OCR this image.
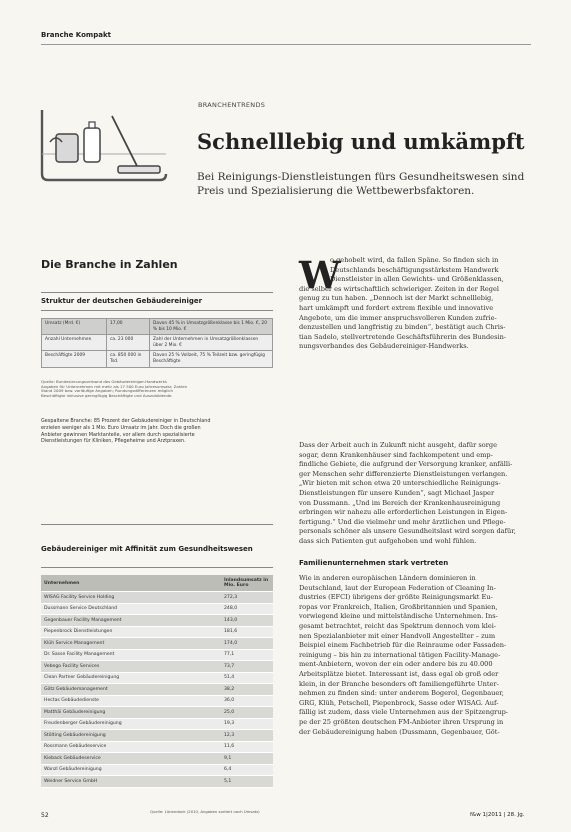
Branche Kompakt
BRANCHENTRENDS
Schnelllebig und umkämpft
Bei Reinigungs-Dienstleistungen fürs Gesundheitswesen sind
Preis und Spezialisierung die Wettbewerbsfaktoren.
Die Branche in Zahlen
Struktur der deutschen Gebäudereiniger
Umsatz (Mrd. €)	17,00	Davon 45 % in Umsatzgrößenklasse bis 1 Mio. €, 20 % bis 10 Mio. €
Anzahl Unternehmen	ca. 23 000	Zahl der Unternehmen in Umsatzgrößenklassen über 2 Mio. €
Beschäftigte 2009	ca. 850 000 in Tsd.	Davon 25 % Vollzeit, 75 % Teilzeit bzw. geringfügig Beschäftigte
Quelle: Bundesinnungsverband des Gebäudereiniger-Handwerks
Angaben für Unternehmen mit mehr als 17 500 Euro Jahresumsatz; Zahlen
Stand 2009 bzw. vorläufige Angaben; Rundungsdifferenzen möglich
Beschäftigte inklusive geringfügig Beschäftigte und Auszubildende.
Gespaltene Branche: 85 Prozent der Gebäudereiniger in Deutschland
erzielen weniger als 1 Mio. Euro Umsatz im Jahr. Doch die großen
Anbieter gewinnen Marktanteile, vor allem durch spezialisierte
Dienstleistungen für Kliniken, Pflegeheime und Arztpraxen.
Gebäudereiniger mit Affinität zum Gesundheitswesen
Unternehmen	Inlandsumsatz in Mio. Euro
WISAG Facility Service Holding	272,3
Dussmann Service Deutschland	248,0
Gegenbauer Facility Management	143,0
Piepenbrock Dienstleistungen	181,6
Klüh Service Management	174,0
Dr. Sasse Facility Management	77,1
Vebego Facility Services	73,7
Clean Partner Gebäudereinigung	51,4
Götz Gebäudemanagement	38,2
Hectas Gebäudedienste	36,0
Matthäi Gebäudereinigung	25,0
Freudenberger Gebäudereinigung	19,3
Stölting Gebäudereinigung	12,3
Rossmann Gebäudeservice	11,6
Kieback Gebäudeservice	9,1
Wanzl Gebäudereinigung	6,4
Weidner Service GmbH	5,1
Quelle: Lünendonk (2010, Angaben sortiert nach Umsatz)
W
o gehobelt wird, da fallen Späne. So finden sich in
Deutschlands beschäftigungsstärkstem Handwerk
Dienstleister in allen Gewichts- und Größenklassen,
die selber es wirtschaftlich schwieriger. Zeiten in der Regel
genug zu tun haben. „Dennoch ist der Markt schnelllebig,
hart umkämpft und fordert extrem flexible und innovative
Angebote, um die immer anspruchsvolleren Kunden zufrie-
denzustellen und langfristig zu binden“, bestätigt auch Chris-
tian Sadelo, stellvertretende Geschäftsführerin des Bundesin-
nungsverbandes des Gebäudereiniger-Handwerks.
Dass der Arbeit auch in Zukunft nicht ausgeht, dafür sorge
sogar, denn Krankenhäuser sind fachkompetent und emp-
findliche Gebiete, die aufgrund der Versorgung kranker, anfälli-
ger Menschen sehr differenzierte Dienstleistungen verlangen.
„Wir bieten mit schon etwa 20 unterschiedliche Reinigungs-
Dienstleistungen für unsere Kunden“, sagt Michael Jasper
von Dussmann. „Und im Bereich der Krankenhausreinigung
erbringen wir nahezu alle erforderlichen Leistungen in Eigen-
fertigung.“ Und die vielmehr und mehr ärztlichen und Pflege-
personals schöner als unsere Gesundheitslast wird sorgen dafür,
dass sich Patienten gut aufgehoben und wohl fühlen.
Familienunternehmen stark vertreten
Wie in anderen europäischen Ländern dominieren in
Deutschland, laut der European Federation of Cleaning In-
dustries (EFCI) übrigens der größte Reinigungsmarkt Eu-
ropas vor Frankreich, Italien, Großbritannien und Spanien,
vorwiegend kleine und mittelständische Unternehmen. Ins-
gesamt betrachtet, reicht das Spektrum dennoch vom klei-
nen Spezialanbieter mit einer Handvoll Angestellter – zum
Beispiel einem Fachbetrieb für die Reinraume oder Fassaden-
reinigung – bis hin zu international tätigen Facility-Manage-
ment-Anbietern, wovon der ein oder andere bis zu 40.000
Arbeitsplätze bietet. Interessant ist, dass egal ob groß oder
klein, in der Branche besonders oft familiengeführte Unter-
nehmen zu finden sind: unter anderem Bogerol, Gegenbauer,
GRG, Klüh, Petschell, Piepenbrock, Sasse oder WISAG. Auf-
fällig ist zudem, dass viele Unternehmen aus der Spitzengrup-
pe der 25 größten deutschen FM-Anbieter ihren Ursprung in
der Gebäudereinigung haben (Dussmann, Gegenbauer, Göt-
52	f&w 1|2011 | 28. Jg.
